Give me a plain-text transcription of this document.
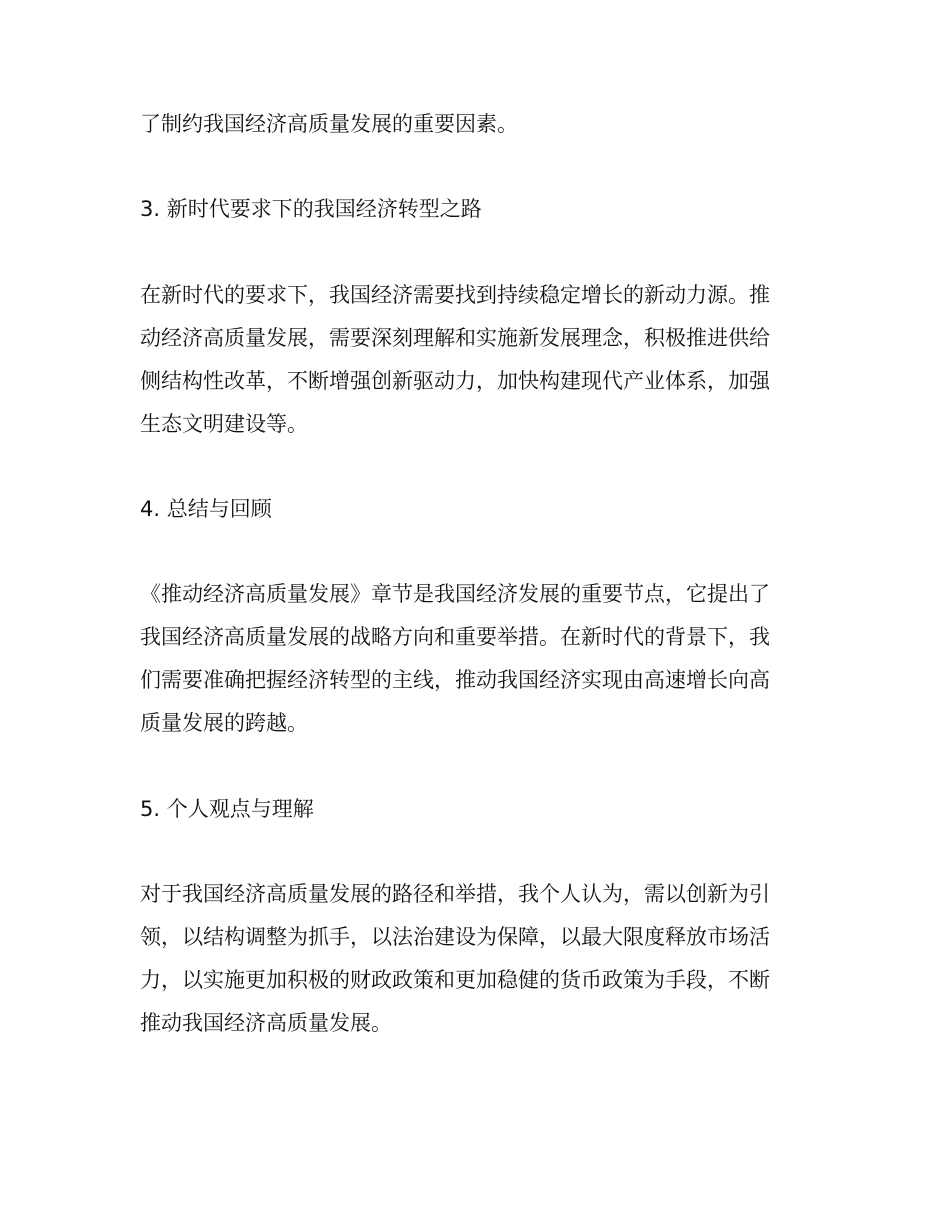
了制约我国经济高质量发展的重要因素。

3. 新时代要求下的我国经济转型之路

在新时代的要求下，我国经济需要找到持续稳定增长的新动力源。推
动经济高质量发展，需要深刻理解和实施新发展理念，积极推进供给
侧结构性改革，不断增强创新驱动力，加快构建现代产业体系，加强
生态文明建设等。

4. 总结与回顾

《推动经济高质量发展》章节是我国经济发展的重要节点，它提出了
我国经济高质量发展的战略方向和重要举措。在新时代的背景下，我
们需要准确把握经济转型的主线，推动我国经济实现由高速增长向高
质量发展的跨越。

5. 个人观点与理解

对于我国经济高质量发展的路径和举措，我个人认为，需以创新为引
领，以结构调整为抓手，以法治建设为保障，以最大限度释放市场活
力，以实施更加积极的财政政策和更加稳健的货币政策为手段，不断
推动我国经济高质量发展。
